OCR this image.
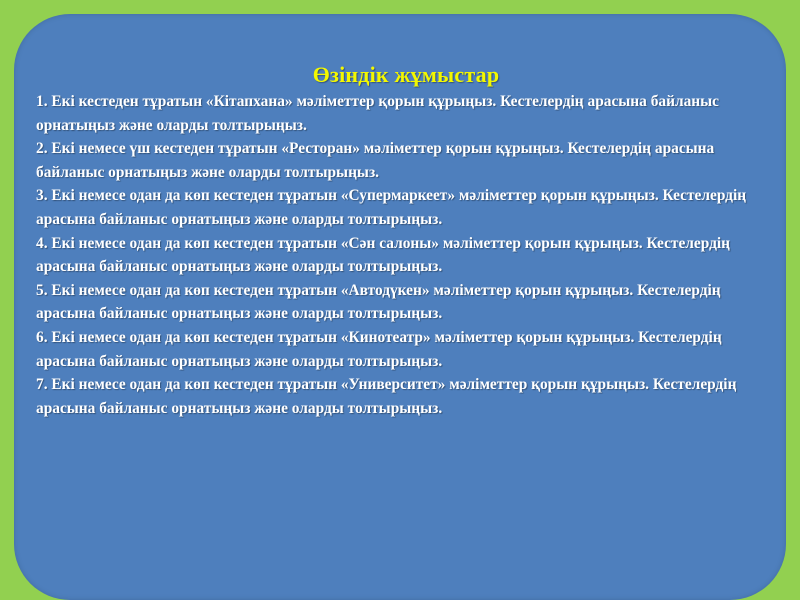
Өзіндік жұмыстар

1. Екі кестеден тұратын «Кітапхана» мәліметтер қорын құрыңыз. Кестелердің арасына байланыс орнатыңыз және оларды толтырыңыз.

2. Екі немесе үш кестеден тұратын «Ресторан» мәліметтер қорын құрыңыз. Кестелердің арасына байланыс орнатыңыз және оларды толтырыңыз.

3. Екі немесе одан да көп кестеден тұратын «Супермаркеет» мәліметтер қорын құрыңыз. Кестелердің арасына байланыс орнатыңыз және оларды толтырыңыз.

4. Екі немесе одан да көп кестеден тұратын «Сән салоны» мәліметтер қорын құрыңыз. Кестелердің арасына байланыс орнатыңыз және оларды толтырыңыз.

5. Екі немесе одан да көп кестеден тұратын «Автодүкен» мәліметтер қорын құрыңыз. Кестелердің арасына байланыс орнатыңыз және оларды толтырыңыз.

6. Екі немесе одан да көп кестеден тұратын «Кинотеатр» мәліметтер қорын құрыңыз. Кестелердің арасына байланыс орнатыңыз және оларды толтырыңыз.

7. Екі немесе одан да көп кестеден тұратын «Университет» мәліметтер қорын құрыңыз. Кестелердің арасына байланыс орнатыңыз және оларды толтырыңыз.
